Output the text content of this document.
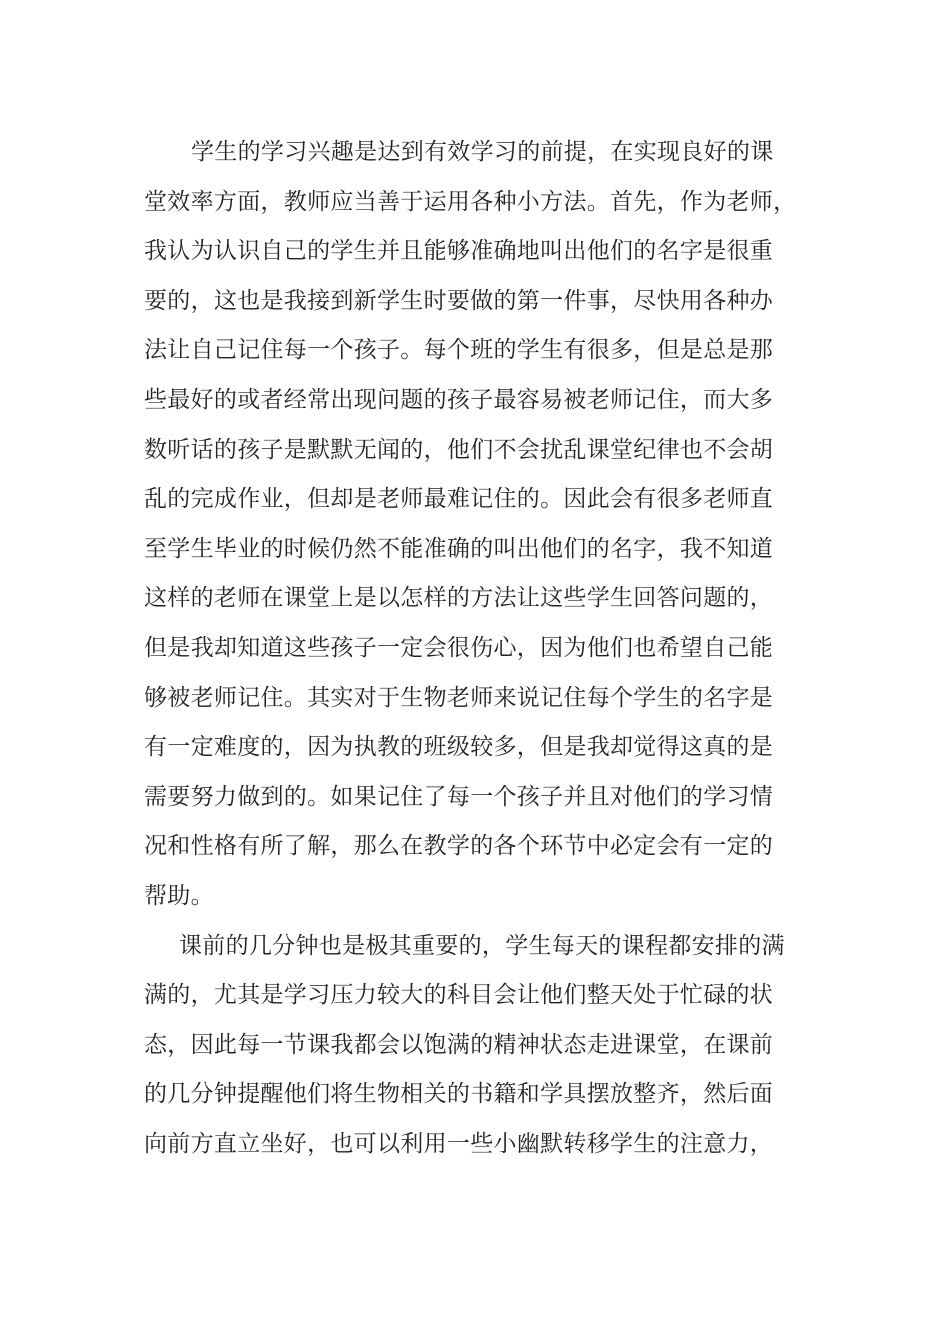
学生的学习兴趣是达到有效学习的前提，在实现良好的课
堂效率方面，教师应当善于运用各种小方法。首先，作为老师，
我认为认识自己的学生并且能够准确地叫出他们的名字是很重
要的，这也是我接到新学生时要做的第一件事，尽快用各种办
法让自己记住每一个孩子。每个班的学生有很多，但是总是那
些最好的或者经常出现问题的孩子最容易被老师记住，而大多
数听话的孩子是默默无闻的，他们不会扰乱课堂纪律也不会胡
乱的完成作业，但却是老师最难记住的。因此会有很多老师直
至学生毕业的时候仍然不能准确的叫出他们的名字，我不知道
这样的老师在课堂上是以怎样的方法让这些学生回答问题的，
但是我却知道这些孩子一定会很伤心，因为他们也希望自己能
够被老师记住。其实对于生物老师来说记住每个学生的名字是
有一定难度的，因为执教的班级较多，但是我却觉得这真的是
需要努力做到的。如果记住了每一个孩子并且对他们的学习情
况和性格有所了解，那么在教学的各个环节中必定会有一定的
帮助。
课前的几分钟也是极其重要的，学生每天的课程都安排的满
满的，尤其是学习压力较大的科目会让他们整天处于忙碌的状
态，因此每一节课我都会以饱满的精神状态走进课堂，在课前
的几分钟提醒他们将生物相关的书籍和学具摆放整齐，然后面
向前方直立坐好，也可以利用一些小幽默转移学生的注意力，
